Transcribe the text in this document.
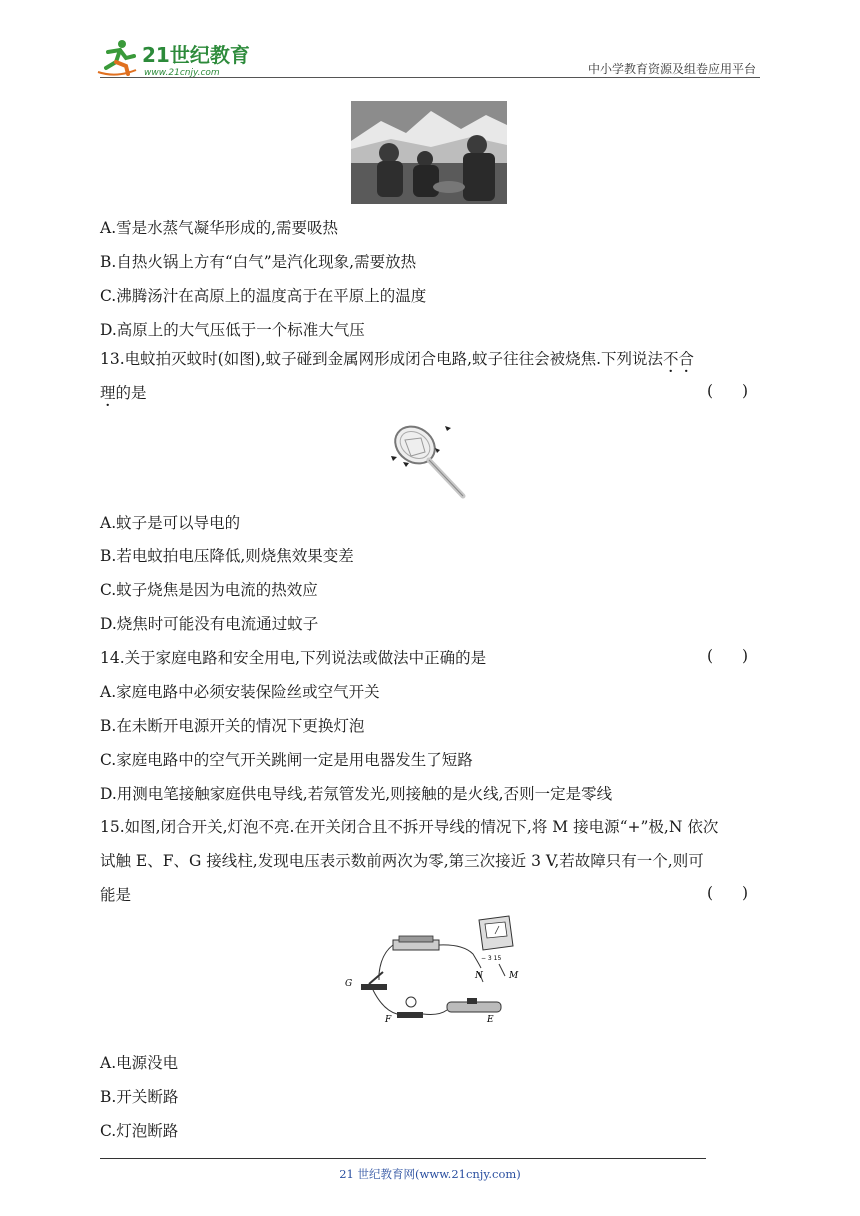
21世纪教育
www.21cnjy.com	中小学教育资源及组卷应用平台
A.雪是水蒸气凝华形成的,需要吸热
B.自热火锅上方有“白气”是汽化现象,需要放热
C.沸腾汤汁在高原上的温度高于在平原上的温度
D.高原上的大气压低于一个标准大气压
13.电蚊拍灭蚊时(如图),蚊子碰到金属网形成闭合电路,蚊子往往会被烧焦.下列说法不合
理的是	( )
A.蚊子是可以导电的
B.若电蚊拍电压降低,则烧焦效果变差
C.蚊子烧焦是因为电流的热效应
D.烧焦时可能没有电流通过蚊子
14.关于家庭电路和安全用电,下列说法或做法中正确的是	( )
A.家庭电路中必须安装保险丝或空气开关
B.在未断开电源开关的情况下更换灯泡
C.家庭电路中的空气开关跳闸一定是用电器发生了短路
D.用测电笔接触家庭供电导线,若氖管发光,则接触的是火线,否则一定是零线
15.如图,闭合开关,灯泡不亮.在开关闭合且不拆开导线的情况下,将 M 接电源“+”极,N 依次
试触 E、F、G 接线柱,发现电压表示数前两次为零,第三次接近 3 V,若故障只有一个,则可
能是	( )
− 3 15
G
F	E
N	M
A.电源没电
B.开关断路
C.灯泡断路
21 世纪教育网(www.21cnjy.com)
